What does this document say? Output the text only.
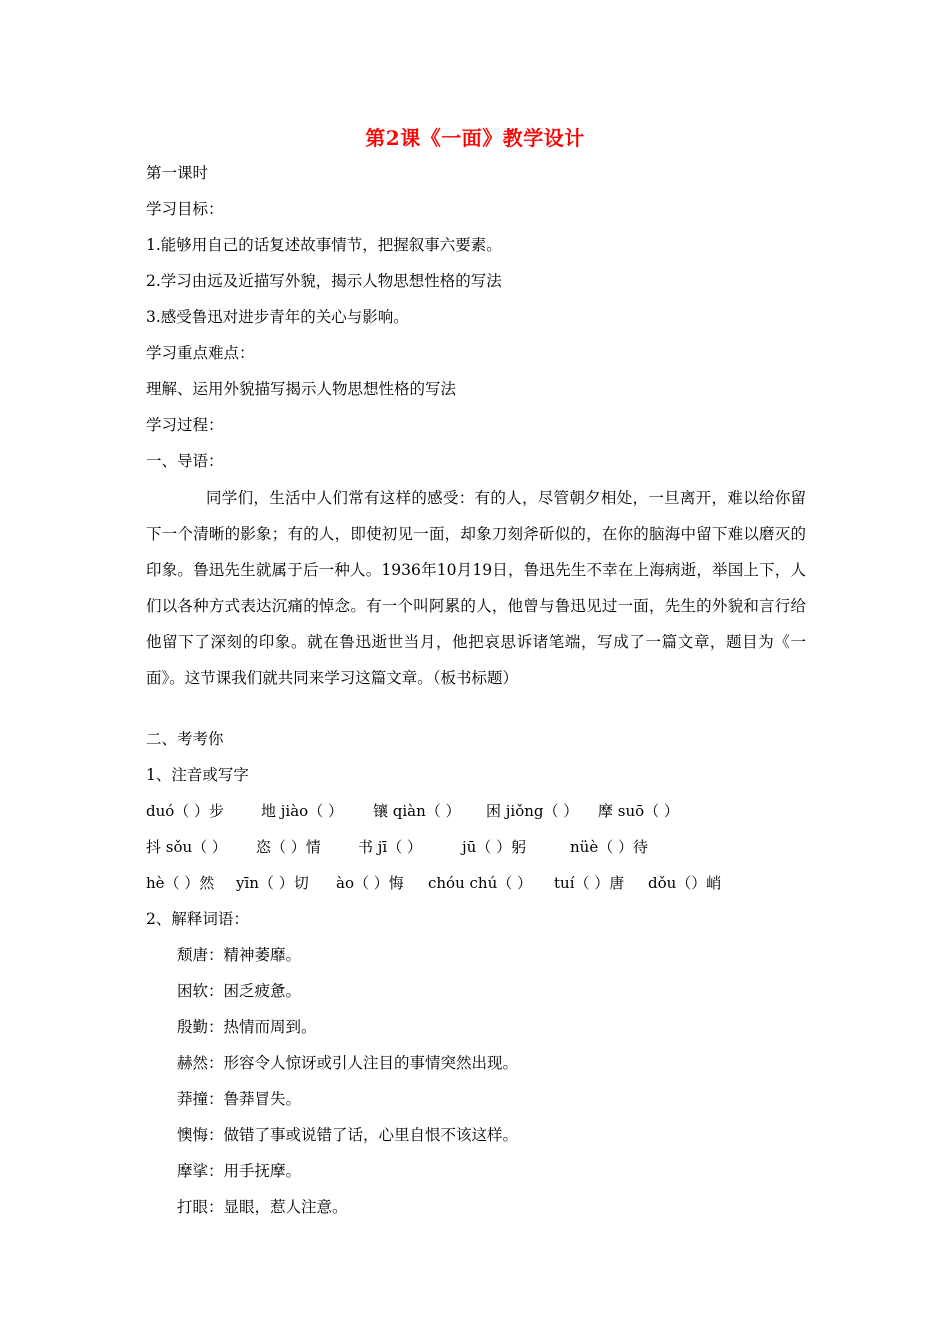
第2课《一面》教学设计
第一课时
学习目标：
1.能够用自己的话复述故事情节，把握叙事六要素。
2.学习由远及近描写外貌，揭示人物思想性格的写法
3.感受鲁迅对进步青年的关心与影响。
学习重点难点：
理解、运用外貌描写揭示人物思想性格的写法
学习过程：
一、导语：
同学们，生活中人们常有这样的感受：有的人，尽管朝夕相处，一旦离开，难以给你留下一个清晰的影象；有的人，即使初见一面，却象刀刻斧斫似的，在你的脑海中留下难以磨灭的印象。鲁迅先生就属于后一种人。1936年10月19日，鲁迅先生不幸在上海病逝，举国上下，人们以各种方式表达沉痛的悼念。有一个叫阿累的人，他曾与鲁迅见过一面，先生的外貌和言行给他留下了深刻的印象。就在鲁迅逝世当月，他把哀思诉诸笔端，写成了一篇文章，题目为《一面》。这节课我们就共同来学习这篇文章。（板书标题）
二、考考你
1、注音或写字
duó（ ）步 地 jiào（ ） 镶 qiàn（ ） 困 jiǒng（ ） 摩 suō（ ）
抖 sǒu（ ） 恣（ ）情 书 jī（ ）	jū（ ）躬	nüè（ ）待
hè（ ）然 yīn（ ）切 ào（ ）悔 chóu chú（ ） tuí（ ）唐 dǒu（）峭
2、解释词语：
颓唐：精神萎靡。
困软：困乏疲惫。
殷勤：热情而周到。
赫然：形容令人惊讶或引人注目的事情突然出现。
莽撞：鲁莽冒失。
懊悔：做错了事或说错了话，心里自恨不该这样。
摩挲：用手抚摩。
打眼：显眼，惹人注意。
